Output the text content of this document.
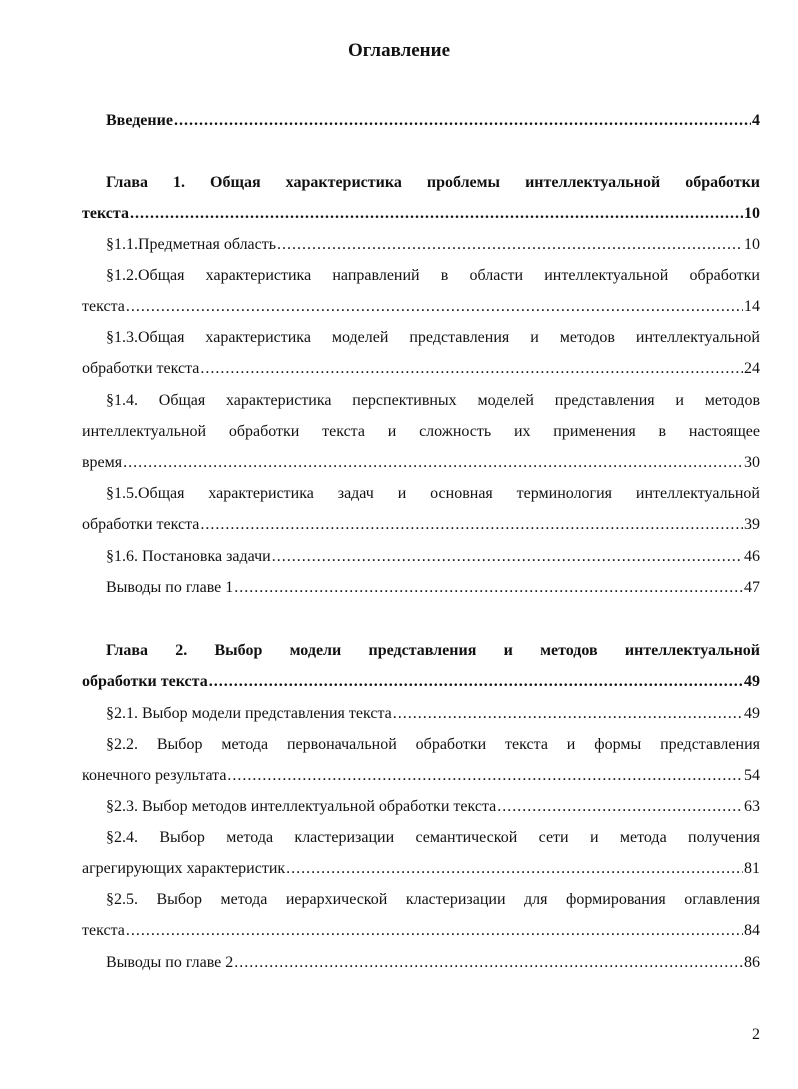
Оглавление
Введение .....	4
Глава 1. Общая характеристика проблемы интеллектуальной обработки
текста .....	10
§1.1.Предметная область .....	10
§1.2.Общая характеристика направлений в области интеллектуальной обработки
текста .....	14
§1.3.Общая характеристика моделей представления и методов интеллектуальной
обработки текста .....	24
§1.4. Общая характеристика перспективных моделей представления и методов
интеллектуальной обработки текста и сложность их применения в настоящее
время .....	30
§1.5.Общая характеристика задач и основная терминология интеллектуальной
обработки текста .....	39
§1.6. Постановка задачи .....	46
Выводы по главе 1 .....	47
Глава 2. Выбор модели представления и методов интеллектуальной
обработки текста .....	49
§2.1. Выбор модели представления текста .....	49
§2.2. Выбор метода первоначальной обработки текста и формы представления
конечного результата .....	54
§2.3. Выбор методов интеллектуальной обработки текста .....	63
§2.4. Выбор метода кластеризации семантической сети и метода получения
агрегирующих характеристик .....	81
§2.5. Выбор метода иерархической кластеризации для формирования оглавления
текста .....	84
Выводы по главе 2 .....	86
2
